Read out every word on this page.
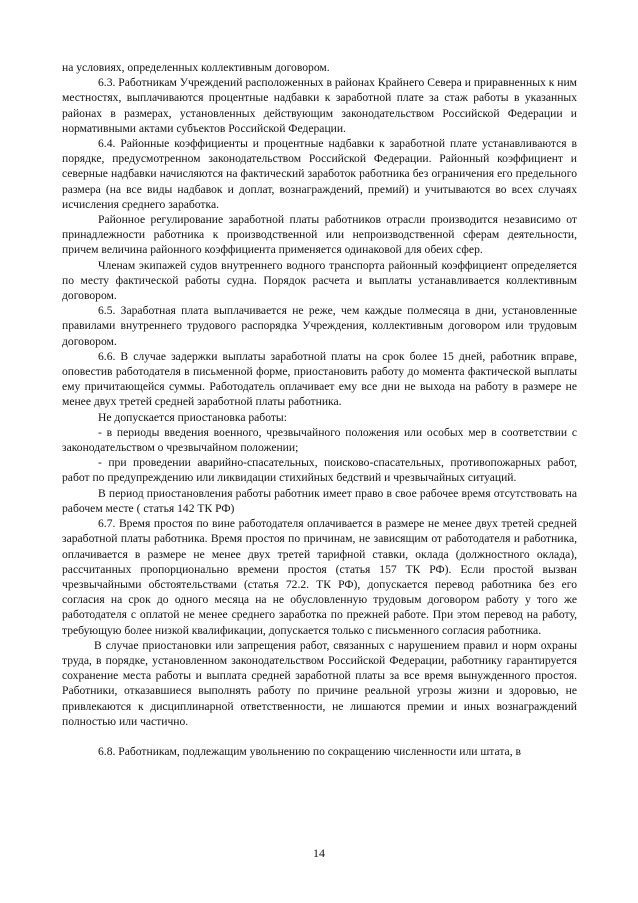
на условиях, определенных коллективным договором.

6.3. Работникам Учреждений расположенных в районах Крайнего Севера и приравненных к ним местностях, выплачиваются процентные надбавки к заработной плате за стаж работы в указанных районах в размерах, установленных действующим законодательством Российской Федерации и нормативными актами субъектов Российской Федерации.

6.4. Районные коэффициенты и процентные надбавки к заработной плате устанавливаются в порядке, предусмотренном законодательством Российской Федерации. Районный коэффициент и северные надбавки начисляются на фактический заработок работника без ограничения его предельного размера (на все виды надбавок и доплат, вознаграждений, премий) и учитываются во всех случаях исчисления среднего заработка.

Районное регулирование заработной платы работников отрасли производится независимо от принадлежности работника к производственной или непроизводственной сферам деятельности, причем величина районного коэффициента применяется одинаковой для обеих сфер.

Членам экипажей судов внутреннего водного транспорта районный коэффициент определяется по месту фактической работы судна. Порядок расчета и выплаты устанавливается коллективным договором.

6.5. Заработная плата выплачивается не реже, чем каждые полмесяца в дни, установленные правилами внутреннего трудового распорядка Учреждения, коллективным договором или трудовым договором.

6.6. В случае задержки выплаты заработной платы на срок более 15 дней, работник вправе, оповестив работодателя в письменной форме, приостановить работу до момента фактической выплаты ему причитающейся суммы. Работодатель оплачивает ему все дни не выхода на работу в размере не менее двух третей средней заработной платы работника.

Не допускается приостановка работы:

- в периоды введения военного, чрезвычайного положения или особых мер в соответствии с законодательством о чрезвычайном положении;

- при проведении аварийно-спасательных, поисково-спасательных, противопожарных работ, работ по предупреждению или ликвидации стихийных бедствий и чрезвычайных ситуаций.

В период приостановления работы работник имеет право в свое рабочее время отсутствовать на рабочем месте ( статья 142 ТК РФ)

6.7. Время простоя по вине работодателя оплачивается в размере не менее двух третей средней заработной платы работника. Время простоя по причинам, не зависящим от работодателя и работника, оплачивается в размере не менее двух третей тарифной ставки, оклада (должностного оклада), рассчитанных пропорционально времени простоя (статья 157 ТК РФ). Если простой вызван чрезвычайными обстоятельствами (статья 72.2. ТК РФ), допускается перевод работника без его согласия на срок до одного месяца на не обусловленную трудовым договором работу у того же работодателя с оплатой не менее среднего заработка по прежней работе. При этом перевод на работу, требующую более низкой квалификации, допускается только с письменного согласия работника.

В случае приостановки или запрещения работ, связанных с нарушением правил и норм охраны труда, в порядке, установленном законодательством Российской Федерации, работнику гарантируется сохранение места работы и выплата средней заработной платы за все время вынужденного простоя. Работники, отказавшиеся выполнять работу по причине реальной угрозы жизни и здоровью, не привлекаются к дисциплинарной ответственности, не лишаются премии и иных вознаграждений полностью или частично.

6.8. Работникам, подлежащим увольнению по сокращению численности или штата, в

14
